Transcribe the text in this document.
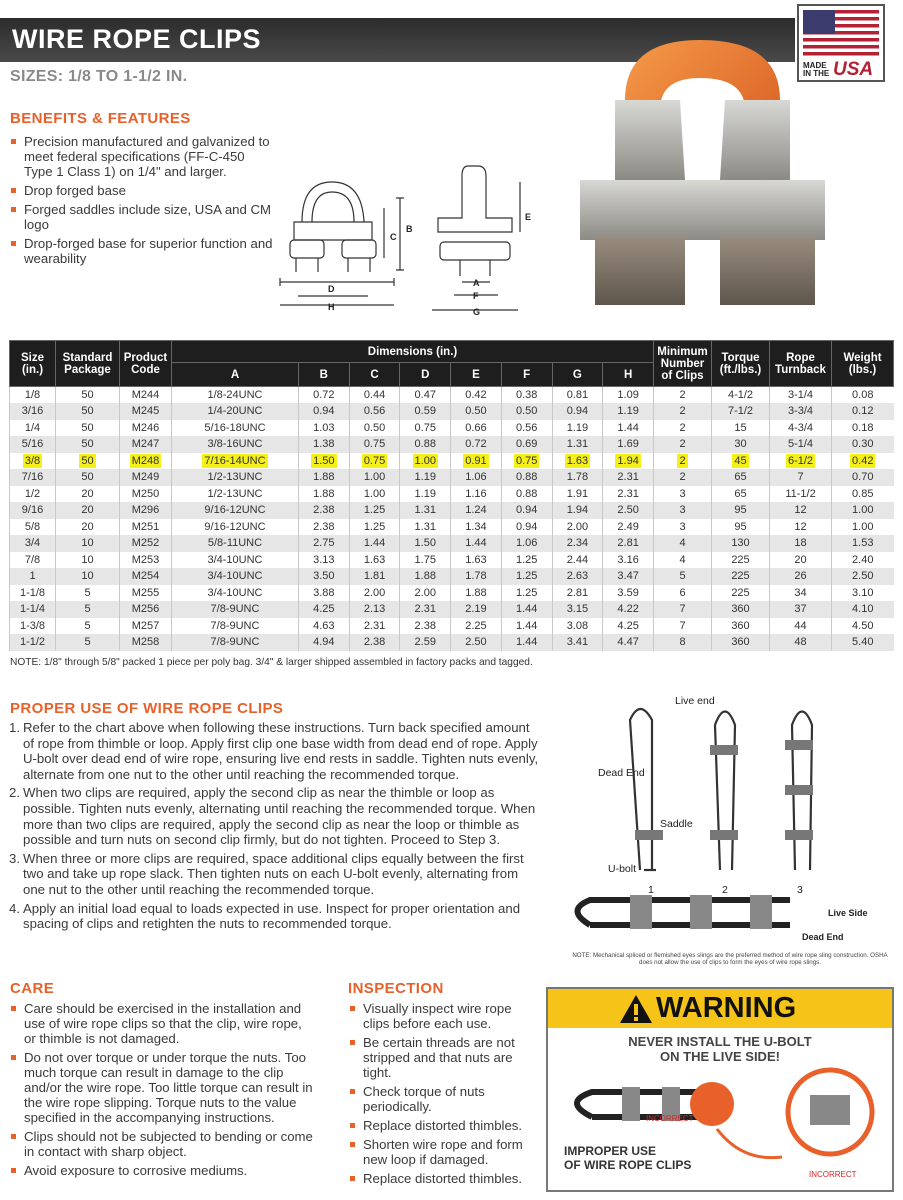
WIRE ROPE CLIPS
SIZES: 1/8 TO 1-1/2 IN.
MADE
IN THE USA
BENEFITS & FEATURES
Precision manufactured and galvanized to meet federal specifications (FF-C-450 Type 1 Class 1) on 1/4" and larger.
Drop forged base
Forged saddles include size, USA and CM logo
Drop-forged base for superior function and wearability
B
C
D
H
E
A
F
G
Size (in.)	Standard Package	Product Code	Dimensions (in.)								Minimum Number of Clips	Torque (ft./lbs.)	Rope Turnback	Weight (lbs.)
			A	B	C	D	E	F	G	H				
1/8	50	M244	1/8-24UNC	0.72	0.44	0.47	0.42	0.38	0.81	1.09	2	4-1/2	3-1/4	0.08
3/16	50	M245	1/4-20UNC	0.94	0.56	0.59	0.50	0.50	0.94	1.19	2	7-1/2	3-3/4	0.12
1/4	50	M246	5/16-18UNC	1.03	0.50	0.75	0.66	0.56	1.19	1.44	2	15	4-3/4	0.18
5/16	50	M247	3/8-16UNC	1.38	0.75	0.88	0.72	0.69	1.31	1.69	2	30	5-1/4	0.30
3/8	50	M248	7/16-14UNC	1.50	0.75	1.00	0.91	0.75	1.63	1.94	2	45	6-1/2	0.42
7/16	50	M249	1/2-13UNC	1.88	1.00	1.19	1.06	0.88	1.78	2.31	2	65	7	0.70
1/2	20	M250	1/2-13UNC	1.88	1.00	1.19	1.16	0.88	1.91	2.31	3	65	11-1/2	0.85
9/16	20	M296	9/16-12UNC	2.38	1.25	1.31	1.24	0.94	1.94	2.50	3	95	12	1.00
5/8	20	M251	9/16-12UNC	2.38	1.25	1.31	1.34	0.94	2.00	2.49	3	95	12	1.00
3/4	10	M252	5/8-11UNC	2.75	1.44	1.50	1.44	1.06	2.34	2.81	4	130	18	1.53
7/8	10	M253	3/4-10UNC	3.13	1.63	1.75	1.63	1.25	2.44	3.16	4	225	20	2.40
1	10	M254	3/4-10UNC	3.50	1.81	1.88	1.78	1.25	2.63	3.47	5	225	26	2.50
1-1/8	5	M255	3/4-10UNC	3.88	2.00	2.00	1.88	1.25	2.81	3.59	6	225	34	3.10
1-1/4	5	M256	7/8-9UNC	4.25	2.13	2.31	2.19	1.44	3.15	4.22	7	360	37	4.10
1-3/8	5	M257	7/8-9UNC	4.63	2.31	2.38	2.25	1.44	3.08	4.25	7	360	44	4.50
1-1/2	5	M258	7/8-9UNC	4.94	2.38	2.59	2.50	1.44	3.41	4.47	8	360	48	5.40
NOTE: 1/8" through 5/8" packed 1 piece per poly bag. 3/4" & larger shipped assembled in factory packs and tagged.
PROPER USE OF WIRE ROPE CLIPS
1. Refer to the chart above when following these instructions. Turn back specified amount of rope from thimble or loop. Apply first clip one base width from dead end of rope. Apply U-bolt over dead end of wire rope, ensuring live end rests in saddle. Tighten nuts evenly, alternate from one nut to the other until reaching the recommended torque.
2. When two clips are required, apply the second clip as near the thimble or loop as possible. Tighten nuts evenly, alternating until reaching the recommended torque. When more than two clips are required, apply the second clip as near the loop or thimble as possible and turn nuts on second clip firmly, but do not tighten. Proceed to Step 3.
3. When three or more clips are required, space additional clips equally between the first two and take up rope slack. Then tighten nuts on each U-bolt evenly, alternating from one nut to the other until reaching the recommended torque.
4. Apply an initial load equal to loads expected in use. Inspect for proper orientation and spacing of clips and retighten the nuts to recommended torque.
Live end
Dead End
Saddle
U-bolt
1	2	3
Live Side
Dead End
NOTE: Mechanical spliced or flemished eyes slings are the preferred method of wire rope sling construction. OSHA does not allow the use of clips to form the eyes of wire rope slings.
CARE
Care should be exercised in the installation and use of wire rope clips so that the clip, wire rope, or thimble is not damaged.
Do not over torque or under torque the nuts. Too much torque can result in damage to the clip and/or the wire rope. Too little torque can result in the wire rope slipping. Torque nuts to the value specified in the accompanying instructions.
Clips should not be subjected to bending or come in contact with sharp object.
Avoid exposure to corrosive mediums.
INSPECTION
Visually inspect wire rope clips before each use.
Be certain threads are not stripped and that nuts are tight.
Check torque of nuts periodically.
Replace distorted thimbles.
Shorten wire rope and form new loop if damaged.
Replace distorted thimbles.
WARNING
NEVER INSTALL THE U-BOLT
ON THE LIVE SIDE!
INCORRECT
INCORRECT
IMPROPER USE
OF WIRE ROPE CLIPS
